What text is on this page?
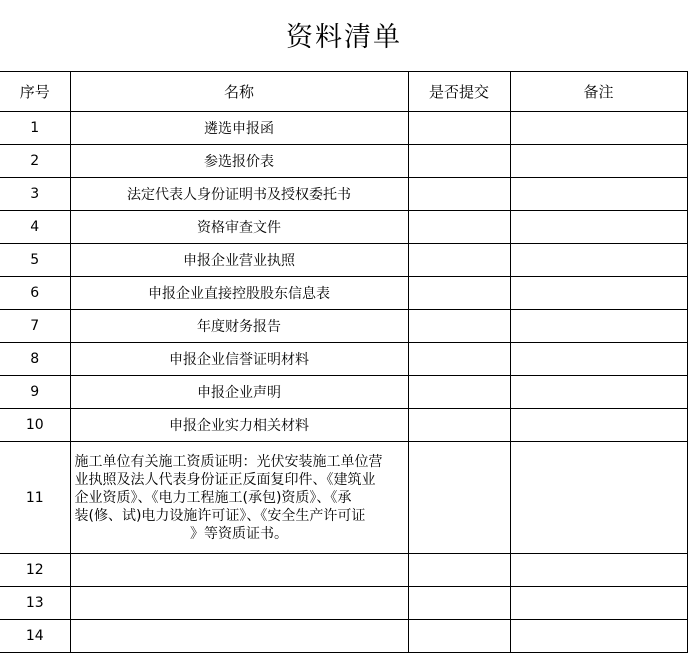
资料清单
序号	名称	是否提交	备注
1	遴选申报函		
2	参选报价表		
3	法定代表人身份证明书及授权委托书		
4	资格审查文件		
5	申报企业营业执照		
6	申报企业直接控股股东信息表		
7	年度财务报告		
8	申报企业信誉证明材料		
9	申报企业声明		
10	申报企业实力相关材料		
11	施工单位有关施工资质证明：光伏安装施工单位营
业执照及法人代表身份证正反面复印件、《建筑业
企业资质》、《电力工程施工(承包)资质》、《承
装(修、试)电力设施许可证》、《安全生产许可证
》等资质证书。		

12			
13			
14			
